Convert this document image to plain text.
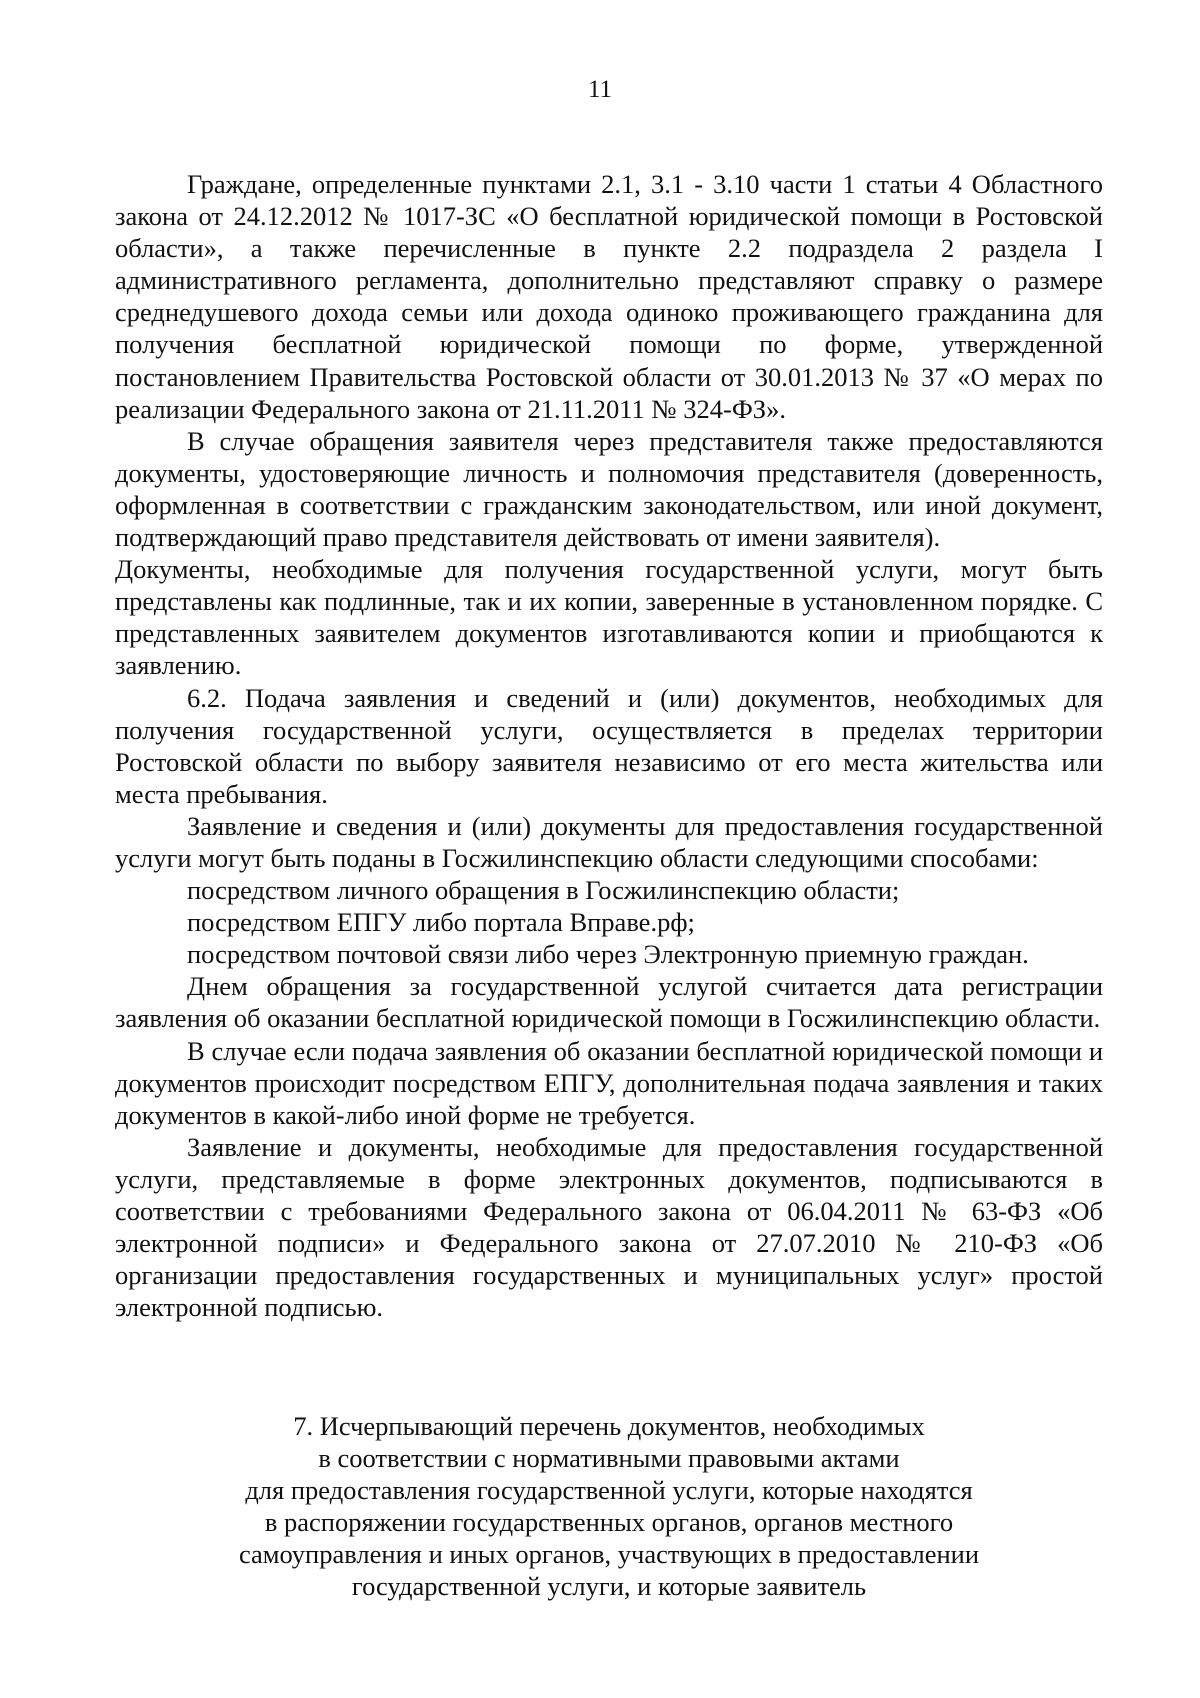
11

Граждане, определенные пунктами 2.1, 3.1 - 3.10 части 1 статьи 4 Областного закона от 24.12.2012 № 1017-ЗС «О бесплатной юридической помощи в Ростовской области», а также перечисленные в пункте 2.2 подраздела 2 раздела I административного регламента, дополнительно представляют справку о размере среднедушевого дохода семьи или дохода одиноко проживающего гражданина для получения бесплатной юридической помощи по форме, утвержденной постановлением Правительства Ростовской области от 30.01.2013 № 37 «О мерах по реализации Федерального закона от 21.11.2011 № 324-ФЗ».

В случае обращения заявителя через представителя также предоставляются документы, удостоверяющие личность и полномочия представителя (доверенность, оформленная в соответствии с гражданским законодательством, или иной документ, подтверждающий право представителя действовать от имени заявителя).

Документы, необходимые для получения государственной услуги, могут быть представлены как подлинные, так и их копии, заверенные в установленном порядке. С представленных заявителем документов изготавливаются копии и приобщаются к заявлению.

6.2. Подача заявления и сведений и (или) документов, необходимых для получения государственной услуги, осуществляется в пределах территории Ростовской области по выбору заявителя независимо от его места жительства или места пребывания.

Заявление и сведения и (или) документы для предоставления государственной услуги могут быть поданы в Госжилинспекцию области следующими способами:

посредством личного обращения в Госжилинспекцию области;

посредством ЕПГУ либо портала Вправе.рф;

посредством почтовой связи либо через Электронную приемную граждан.

Днем обращения за государственной услугой считается дата регистрации заявления об оказании бесплатной юридической помощи в Госжилинспекцию области.

В случае если подача заявления об оказании бесплатной юридической помощи и документов происходит посредством ЕПГУ, дополнительная подача заявления и таких документов в какой-либо иной форме не требуется.

Заявление и документы, необходимые для предоставления государственной услуги, представляемые в форме электронных документов, подписываются в соответствии с требованиями Федерального закона от 06.04.2011 № 63-ФЗ «Об электронной подписи» и Федерального закона от 27.07.2010 № 210-ФЗ «Об организации предоставления государственных и муниципальных услуг» простой электронной подписью.

7. Исчерпывающий перечень документов, необходимых
в соответствии с нормативными правовыми актами
для предоставления государственной услуги, которые находятся
в распоряжении государственных органов, органов местного
самоуправления и иных органов, участвующих в предоставлении
государственной услуги, и которые заявитель
